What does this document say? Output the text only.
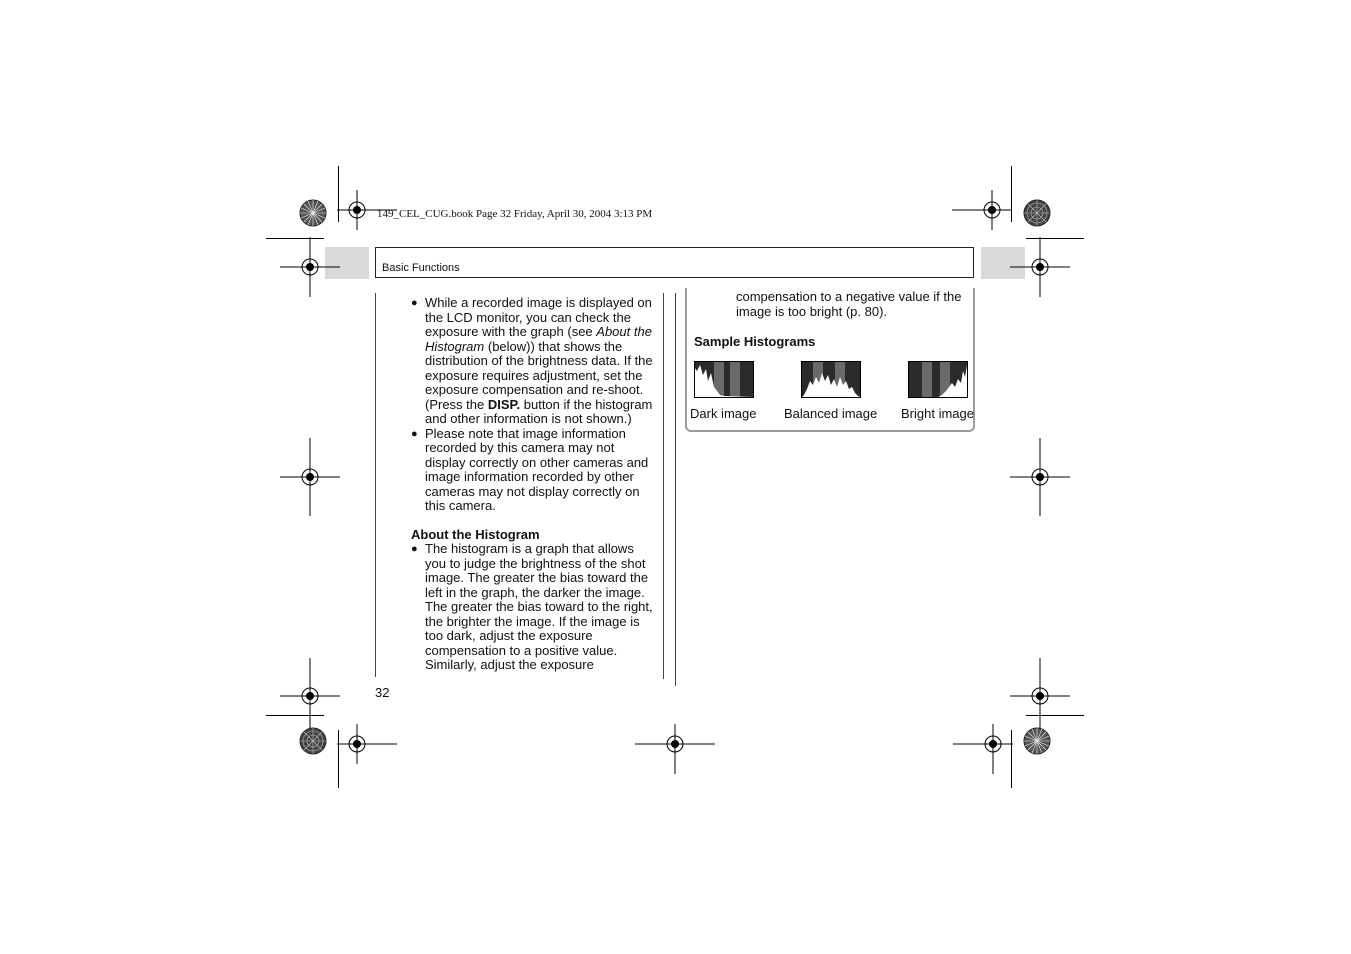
149_CEL_CUG.book Page 32 Friday, April 30, 2004 3:13 PM
Basic Functions
● While a recorded image is displayed on the LCD monitor, you can check the exposure with the graph (see About the Histogram (below)) that shows the distribution of the brightness data. If the exposure requires adjustment, set the exposure compensation and re-shoot. (Press the DISP. button if the histogram and other information is not shown.)
● Please note that image information recorded by this camera may not display correctly on other cameras and image information recorded by other cameras may not display correctly on this camera.
About the Histogram
● The histogram is a graph that allows you to judge the brightness of the shot image. The greater the bias toward the left in the graph, the darker the image. The greater the bias toward to the right, the brighter the image. If the image is too dark, adjust the exposure compensation to a positive value. Similarly, adjust the exposure
compensation to a negative value if the image is too bright (p. 80).
Sample Histograms
Dark image Balanced image Bright image
32
